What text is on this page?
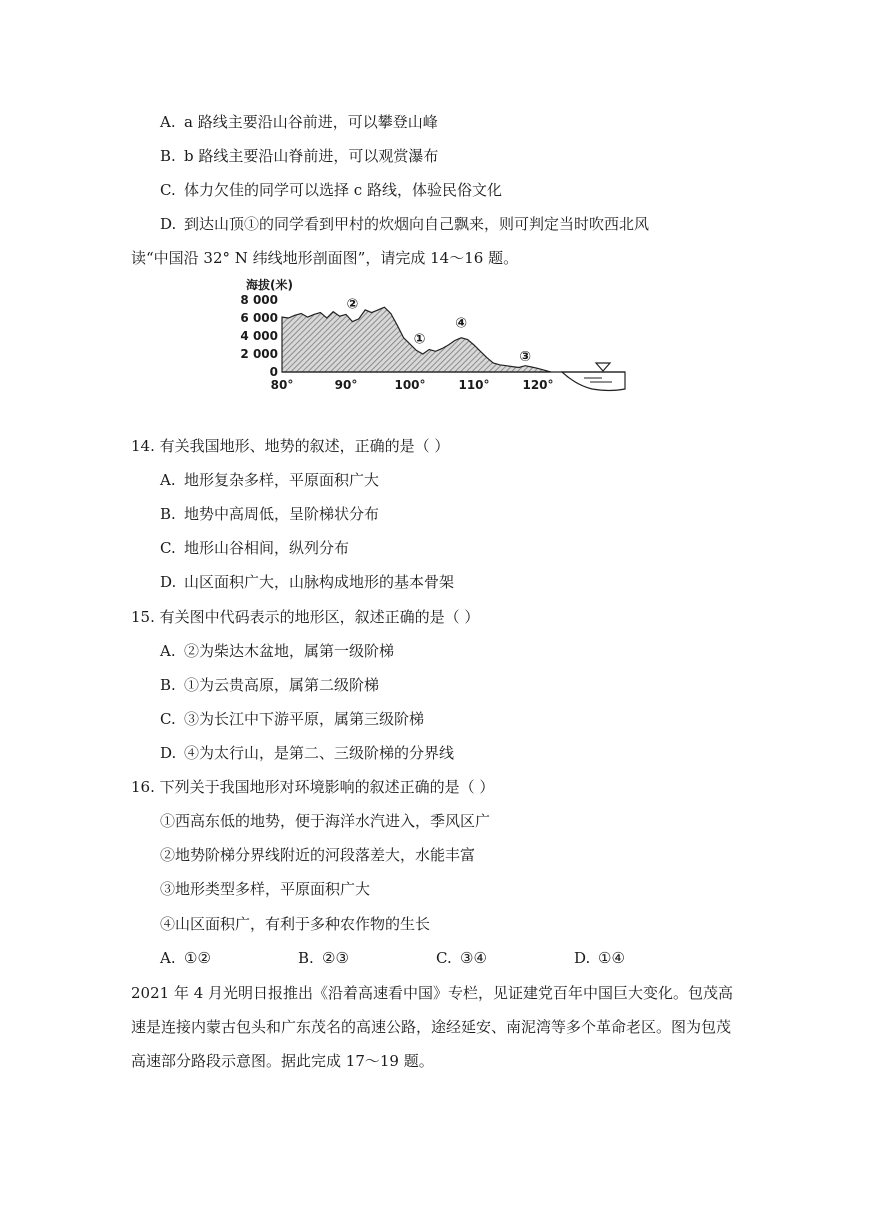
A. a 路线主要沿山谷前进，可以攀登山峰
B. b 路线主要沿山脊前进，可以观赏瀑布
C. 体力欠佳的同学可以选择 c 路线，体验民俗文化
D. 到达山顶①的同学看到甲村的炊烟向自己飘来，则可判定当时吹西北风
读“中国沿 32° N 纬线地形剖面图”，请完成 14～16 题。
海拔(米)
8 000
6 000
4 000
2 000
0
80°	90°	100°	110°	120°
①
②
③
④
14. 有关我国地形、地势的叙述，正确的是（ ）
A. 地形复杂多样，平原面积广大
B. 地势中高周低，呈阶梯状分布
C. 地形山谷相间，纵列分布
D. 山区面积广大，山脉构成地形的基本骨架
15. 有关图中代码表示的地形区，叙述正确的是（ ）
A. ②为柴达木盆地，属第一级阶梯
B. ①为云贵高原，属第二级阶梯
C. ③为长江中下游平原，属第三级阶梯
D. ④为太行山，是第二、三级阶梯的分界线
16. 下列关于我国地形对环境影响的叙述正确的是（ ）
①西高东低的地势，便于海洋水汽进入，季风区广
②地势阶梯分界线附近的河段落差大，水能丰富
③地形类型多样，平原面积广大
④山区面积广，有利于多种农作物的生长
A. ①②	B. ②③	C. ③④	D. ①④
2021 年 4 月光明日报推出《沿着高速看中国》专栏，见证建党百年中国巨大变化。包茂高
速是连接内蒙古包头和广东茂名的高速公路，途经延安、南泥湾等多个革命老区。图为包茂
高速部分路段示意图。据此完成 17～19 题。
